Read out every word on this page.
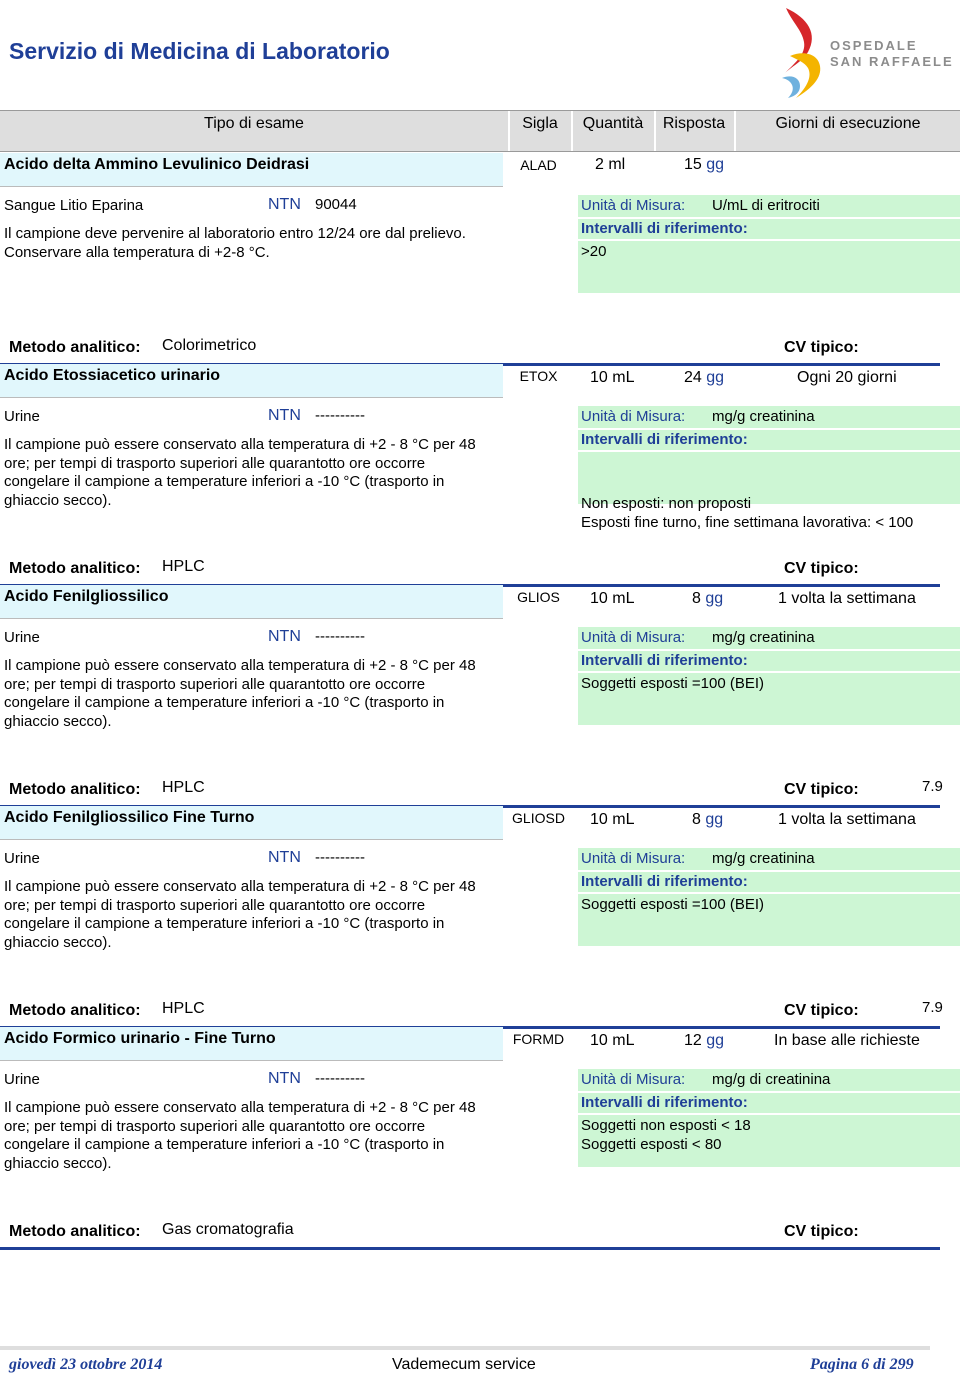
Servizio di Medicina di Laboratorio	OSPEDALE
SAN RAFFAELE
Tipo di esame	Sigla	Quantità	Risposta	Giorni di esecuzione
Acido delta Ammino Levulinico Deidrasi	ALAD	2 ml	15 gg
Sangue Litio Eparina	NTN 90044
Il campione deve pervenire al laboratorio entro 12/24 ore dal prelievo. Conservare alla temperatura di +2-8 °C.
Unità di Misura: U/mL di eritrociti
Intervalli di riferimento:
>20
Metodo analitico: Colorimetrico	CV tipico:
Acido Etossiacetico urinario	ETOX	10 mL	24 gg	Ogni 20 giorni
Urine	NTN ----------
Il campione può essere conservato alla temperatura di +2 - 8 °C per 48 ore; per tempi di trasporto superiori alle quarantotto ore occorre congelare il campione a temperature inferiori a -10 °C (trasporto in ghiaccio secco).
Unità di Misura: mg/g creatinina
Intervalli di riferimento:
Non esposti: non proposti
Esposti fine turno, fine settimana lavorativa: < 100
Metodo analitico: HPLC	CV tipico:
Acido Fenilgliossilico	GLIOS	10 mL	8 gg	1 volta la settimana
Urine	NTN ----------
Il campione può essere conservato alla temperatura di +2 - 8 °C per 48 ore; per tempi di trasporto superiori alle quarantotto ore occorre congelare il campione a temperature inferiori a -10 °C (trasporto in ghiaccio secco).
Unità di Misura: mg/g creatinina
Intervalli di riferimento:
Soggetti esposti =100 (BEI)
Metodo analitico: HPLC	CV tipico:	7.9
Acido Fenilgliossilico Fine Turno	GLIOSD	10 mL	8 gg	1 volta la settimana
Urine	NTN ----------
Il campione può essere conservato alla temperatura di +2 - 8 °C per 48 ore; per tempi di trasporto superiori alle quarantotto ore occorre congelare il campione a temperature inferiori a -10 °C (trasporto in ghiaccio secco).
Unità di Misura: mg/g creatinina
Intervalli di riferimento:
Soggetti esposti =100 (BEI)
Metodo analitico: HPLC	CV tipico:	7.9
Acido Formico urinario - Fine Turno	FORMD	10 mL	12 gg	In base alle richieste
Urine	NTN ----------
Il campione può essere conservato alla temperatura di +2 - 8 °C per 48 ore; per tempi di trasporto superiori alle quarantotto ore occorre congelare il campione a temperature inferiori a -10 °C (trasporto in ghiaccio secco).
Unità di Misura: mg/g di creatinina
Intervalli di riferimento:
Soggetti non esposti < 18
Soggetti esposti < 80
Metodo analitico: Gas cromatografia	CV tipico:
giovedì 23 ottobre 2014	Vademecum service	Pagina 6 di 299
